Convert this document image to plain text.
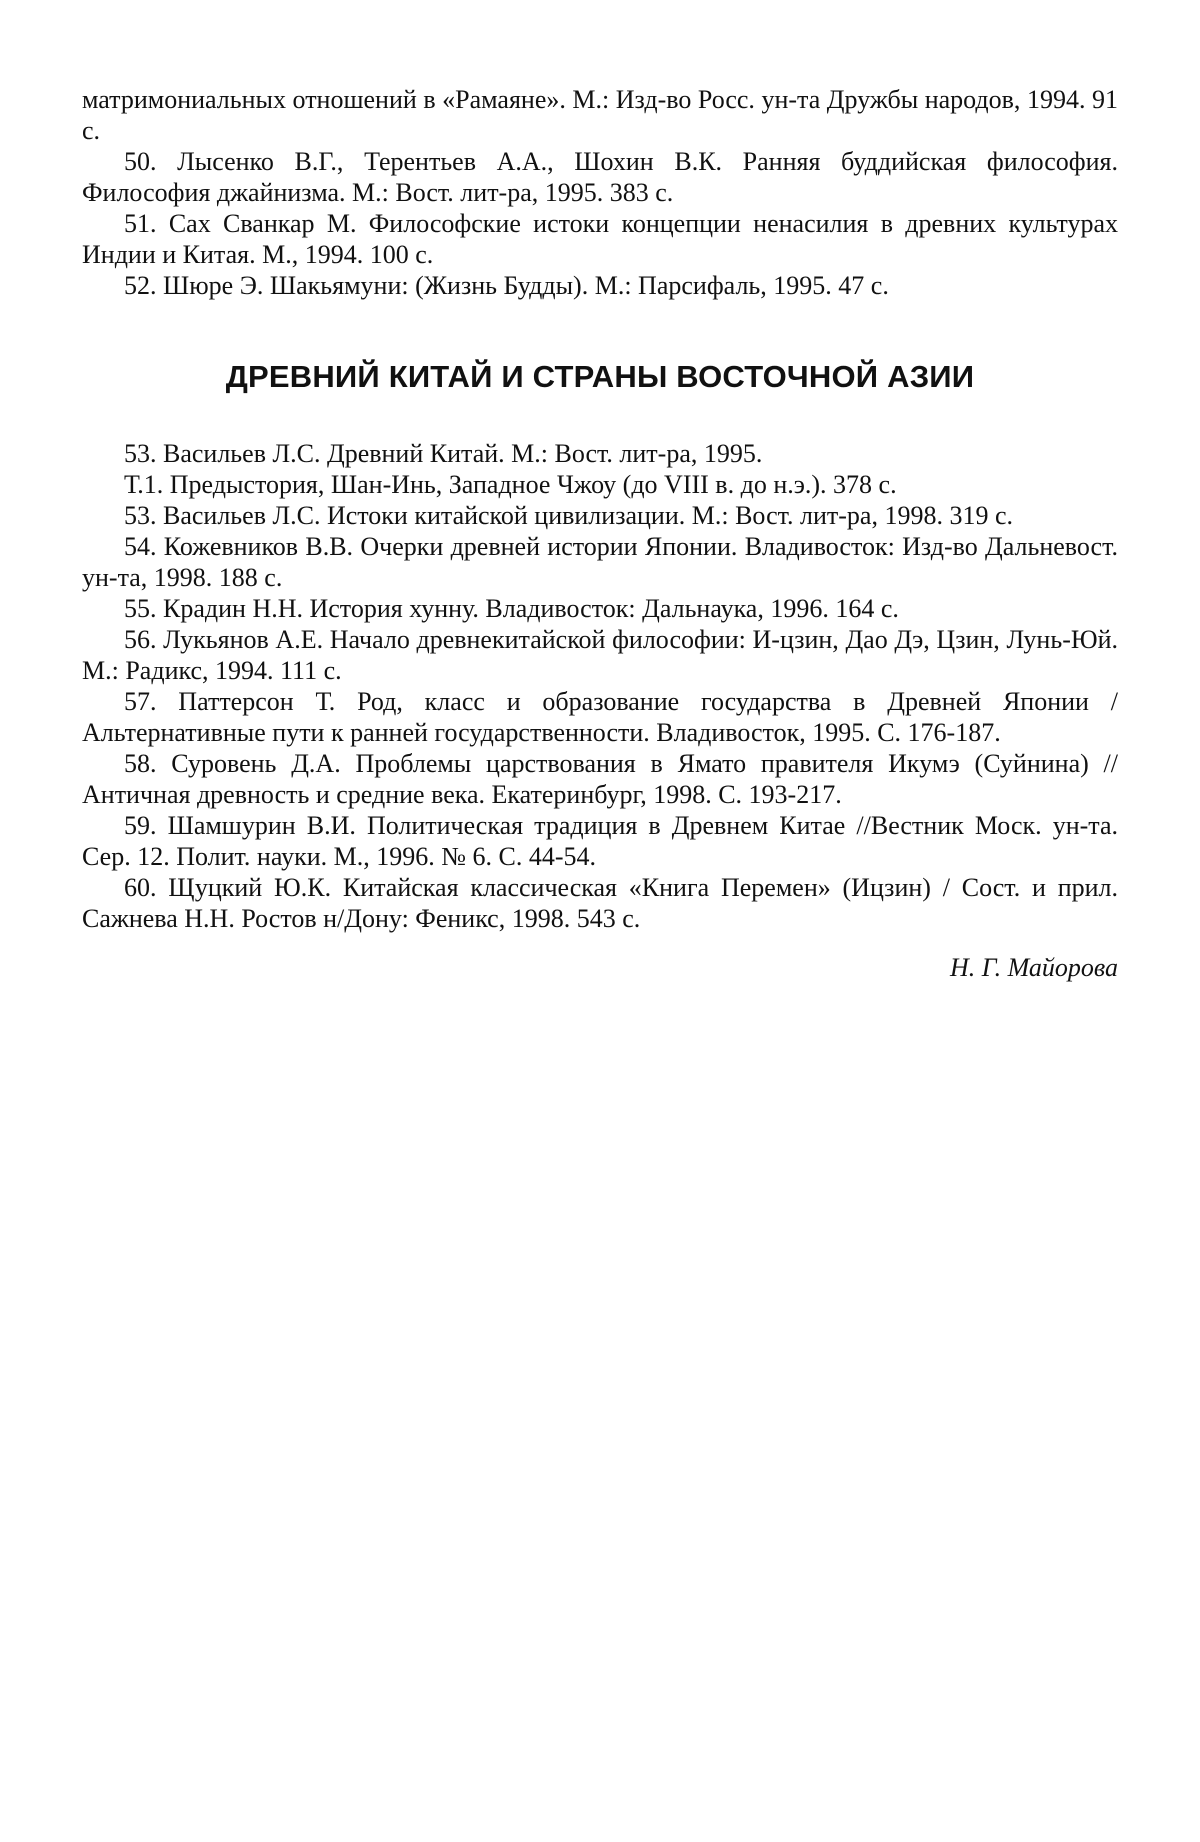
матримониальных отношений в «Рамаяне». М.: Изд-во Росс. ун-та Дружбы народов, 1994. 91 с.

50. Лысенко В.Г., Терентьев А.А., Шохин В.К. Ранняя буддийская философия. Философия джайнизма. М.: Вост. лит-ра, 1995. 383 с.

51. Сах Сванкар М. Философские истоки концепции ненасилия в древних культурах Индии и Китая. М., 1994. 100 с.

52. Шюре Э. Шакьямуни: (Жизнь Будды). М.: Парсифаль, 1995. 47 с.

ДРЕВНИЙ КИТАЙ И СТРАНЫ ВОСТОЧНОЙ АЗИИ

53. Васильев Л.С. Древний Китай. М.: Вост. лит-ра, 1995.

Т.1. Предыстория, Шан-Инь, Западное Чжоу (до VIII в. до н.э.). 378 с.

53. Васильев Л.С. Истоки китайской цивилизации. М.: Вост. лит-ра, 1998. 319 с.

54. Кожевников В.В. Очерки древней истории Японии. Владивосток: Изд-во Дальневост. ун-та, 1998. 188 с.

55. Крадин Н.Н. История хунну. Владивосток: Дальнаука, 1996. 164 с.

56. Лукьянов А.Е. Начало древнекитайской философии: И-цзин, Дао Дэ, Цзин, Лунь-Юй. М.: Радикс, 1994. 111 с.

57. Паттерсон Т. Род, класс и образование государства в Древней Японии / Альтернативные пути к ранней государственности. Владивосток, 1995. С. 176-187.

58. Суровень Д.А. Проблемы царствования в Ямато правителя Икумэ (Суйнина) //Античная древность и средние века. Екатеринбург, 1998. С. 193-217.

59. Шамшурин В.И. Политическая традиция в Древнем Китае //Вестник Моск. ун-та. Сер. 12. Полит. науки. М., 1996. № 6. С. 44-54.

60. Щуцкий Ю.К. Китайская классическая «Книга Перемен» (Ицзин) / Сост. и прил. Сажнева Н.Н. Ростов н/Дону: Феникс, 1998. 543 с.

Н. Г. Майорова
